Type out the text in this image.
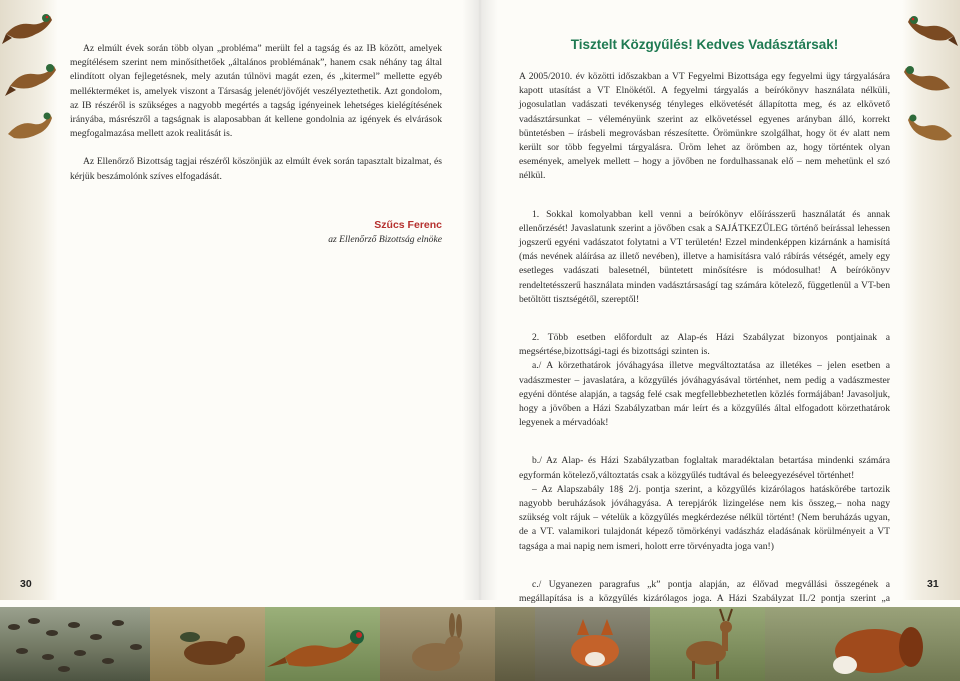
Az elmúlt évek során több olyan „probléma” merült fel a tagság és az IB között, amelyek megítélésem szerint nem minősíthetőek „általános problémának”, hanem csak néhány tag által elindított olyan fejlegetésnek, mely azután túlnövi magát ezen, és „kitermel” mellette egyéb mellékterméket is, amelyek viszont a Társaság jelenét/jövőjét veszélyeztethetik. Azt gondolom, az IB részéről is szükséges a nagyobb megértés a tagság igényeinek lehetséges kielégítésének irányába, másrészről a tagságnak is alaposabban át kellene gondolnia az igények és elvárások megfogalmazása mellett azok realitását is.

Az Ellenőrző Bizottság tagjai részéről köszönjük az elmúlt évek során tapasztalt bizalmat, és kérjük beszámolónk szíves elfogadását.

Szűcs Ferenc
az Ellenőrző Bizottság elnöke
30	31
Tisztelt Közgyűlés! Kedves Vadásztársak!

A 2005/2010. év közötti időszakban a VT Fegyelmi Bizottsága egy fegyelmi ügy tárgyalására kapott utasítást a VT Elnökétől. A fegyelmi tárgyalás a beírókönyv használata nélküli, jogosulatlan vadászati tevékenység tényleges elkövetését állapította meg, és az elkövető vadásztársunkat – véleményünk szerint az elkövetéssel egyenes arányban álló, korrekt büntetésben – írásbeli megrovásban részesítette. Örömünkre szolgálhat, hogy öt év alatt nem került sor több fegyelmi tárgyalásra. Üröm lehet az örömben az, hogy történtek olyan események, amelyek mellett – hogy a jövőben ne fordulhassanak elő – nem mehetünk el szó nélkül.

1. Sokkal komolyabban kell venni a beírókönyv előírásszerű használatát és annak ellenőrzését! Javaslatunk szerint a jövőben csak a SAJÁTKEZŰLEG történő beírással lehessen jogszerű egyéni vadászatot folytatni a VT területén! Ezzel mindenképpen kizárnánk a hamisítá (más nevének aláírása az illető nevében), illetve a hamisításra való rábírás vétségét, amely egy esetleges vadászati balesetnél, büntetett minősítésre is módosulhat! A beírókönyv rendeltetésszerű használata minden vadásztársaságí tag számára kötelező, függetlenül a VT-ben betöltött tisztségétől, szereptől!

2. Több esetben előfordult az Alap-és Házi Szabályzat bizonyos pontjainak a megsértése,bizottsági-tagi és bizottsági szinten is.

a./ A körzethatárok jóváhagyása illetve megváltoztatása az illetékes – jelen esetben a vadászmester – javaslatára, a közgyűlés jóváhagyásával történhet, nem pedig a vadászmester egyéni döntése alapján, a tagság felé csak megfellebbezhetetlen közlés formájában! Javasoljuk, hogy a jövőben a Házi Szabályzatban már leírt és a közgyűlés által elfogadott körzethatárok legyenek a mérvadóak!

b./ Az Alap- és Házi Szabályzatban foglaltak maradéktalan betartása mindenki számára egyformán kötelező,változtatás csak a közgyűlés tudtával és beleegyezésével történhet!

– Az Alapszabály 18§ 2/j. pontja szerint, a közgyűlés kizárólagos hatáskörébe tartozik nagyobb beruházások jóváhagyása. A terepjárók lizingelése nem kis összeg,– noha nagy szükség volt rájuk – vételük a közgyűlés megkérdezése nélkül történt! (Nem beruházás ugyan, de a VT. valamikori tulajdonát képező tömörkényi vadászház eladásának körülményeit a VT tagsága a mai napig nem ismeri, holott erre törvényadta joga van!)

c./ Ugyanezen paragrafus „k” pontja alapján, az élővad megvállási összegének a megállapítása is a közgyűlés kizárólagos joga. A Házi Szabályzat II./2 pontja szerint „a
